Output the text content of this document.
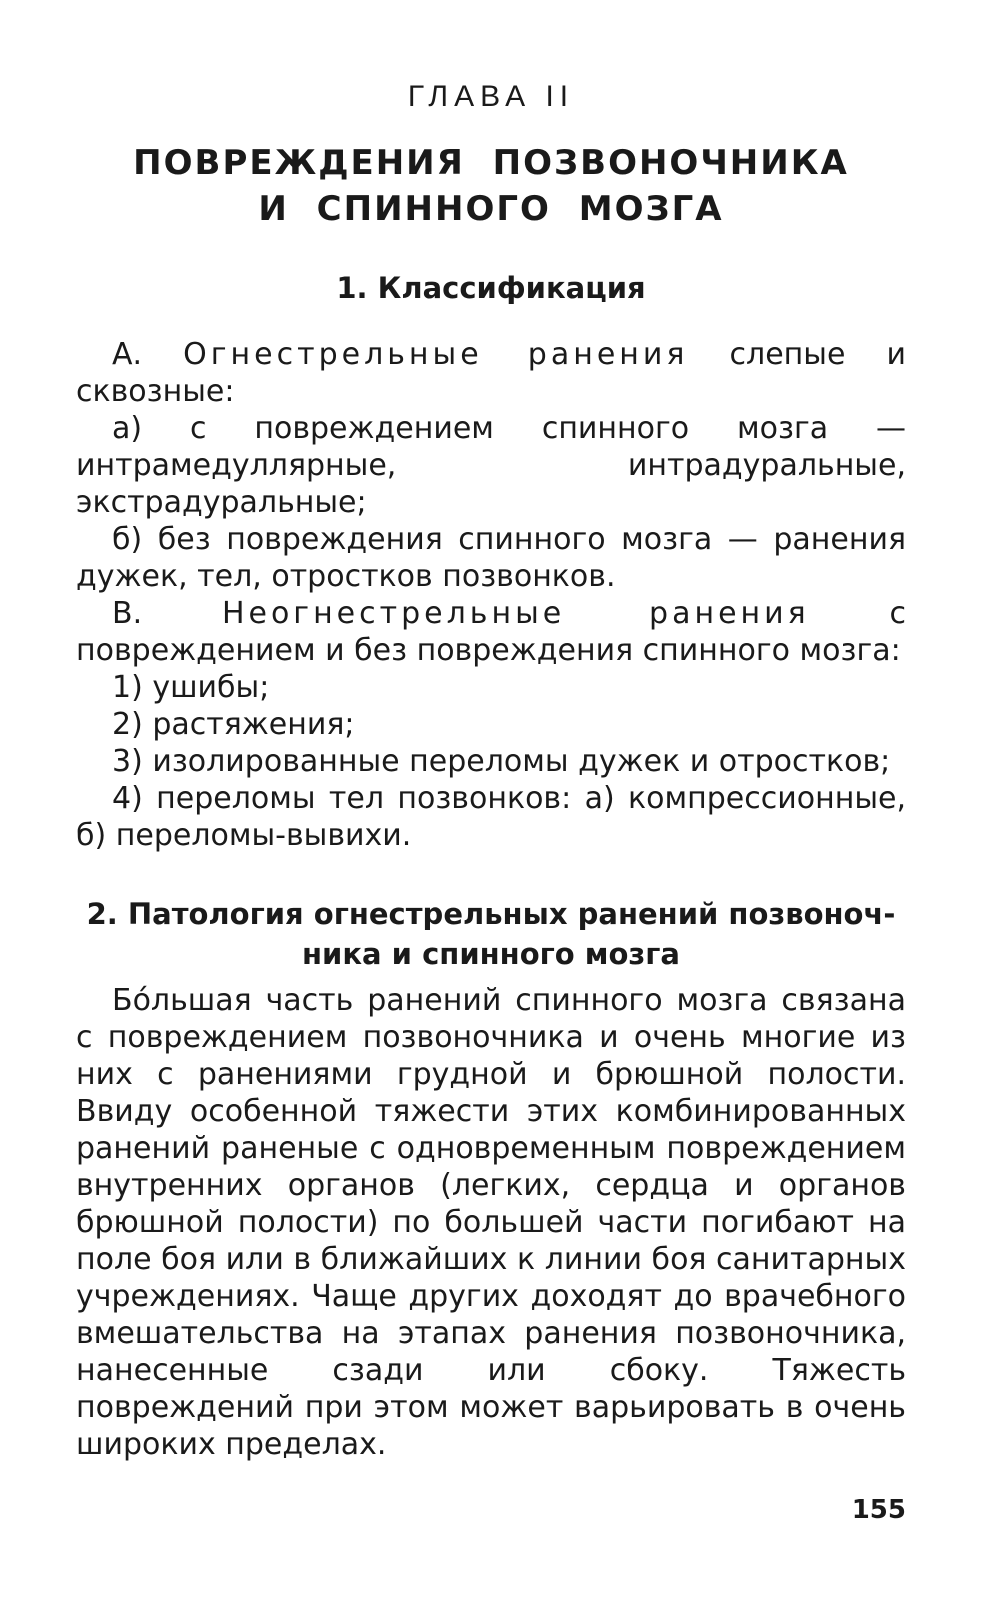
ГЛАВА II
ПОВРЕЖДЕНИЯ ПОЗВОНОЧНИКА
И СПИННОГО МОЗГА
1. Классификация

А. Огнестрельные ранения слепые и сквозные:

а) с повреждением спинного мозга — интрамедуллярные, интрадуральные, экстрадуральные;

б) без повреждения спинного мозга — ранения дужек, тел, отростков позвонков.

В. Неогнестрельные ранения с повреждением и без повреждения спинного мозга:

1) ушибы;

2) растяжения;

3) изолированные переломы дужек и отростков;

4) переломы тел позвонков: а) компрессионные, б) переломы-вывихи.

2. Патология огнестрельных ранений позвоноч-
ника и спинного мозга

Бóльшая часть ранений спинного мозга связана с повреждением позвоночника и очень многие из них с ранениями грудной и брюшной полости. Ввиду особенной тяжести этих комбинированных ранений раненые с одновременным повреждением внутренних органов (легких, сердца и органов брюшной полости) по большей части погибают на поле боя или в ближайших к линии боя санитарных учреждениях. Чаще других доходят до врачебного вмешательства на этапах ранения позвоночника, нанесенные сзади или сбоку. Тяжесть повреждений при этом может варьировать в очень широких пределах.

155
